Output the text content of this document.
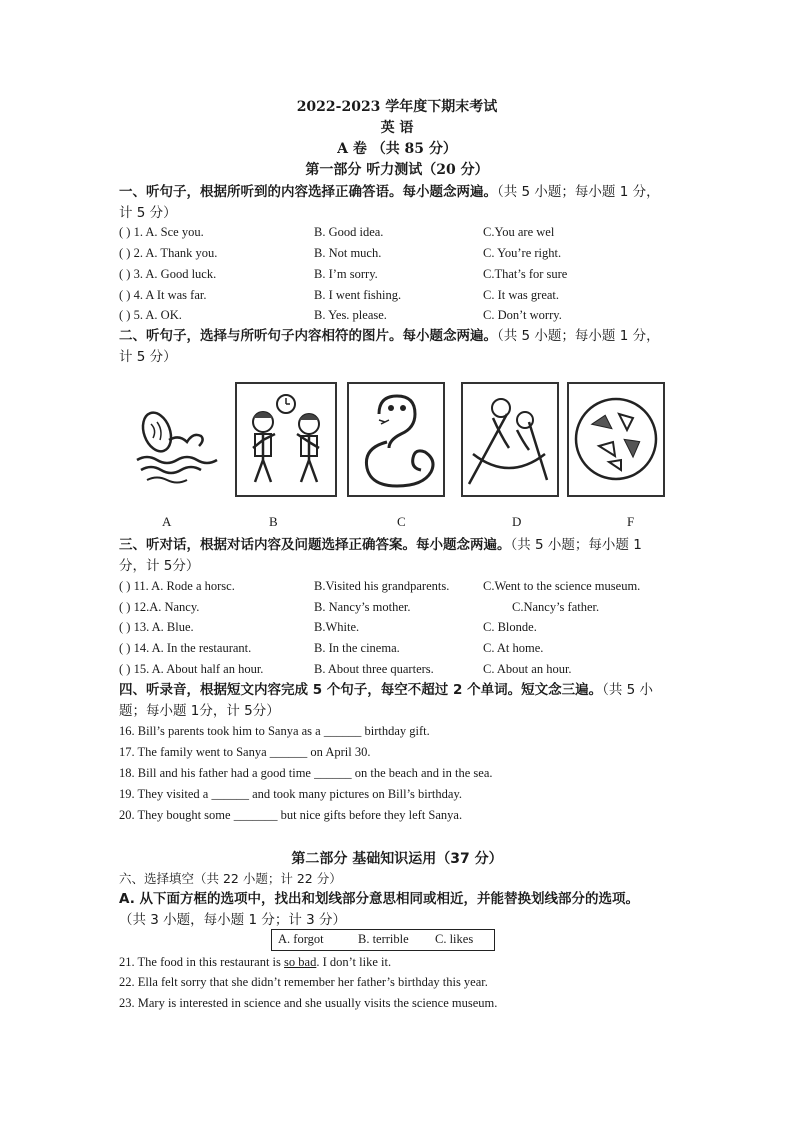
2022-2023 学年度下期末考试
英 语
A 卷 （共 85 分）
第一部分 听力测试（20 分）
一、听句子，根据所听到的内容选择正确答语。每小题念两遍。（共 5 小题；每小题 1 分，
计 5 分）
( ) 1. A. Sce you.	B. Good idea.	C.You are wel
( ) 2. A. Thank you.	B. Not much.	C. You’re right.
( ) 3. A. Good luck.	B. I’m sorry.	C.That’s for sure
( ) 4. A It was far.	B. I went fishing.	C. It was great.
( ) 5. A. OK.	B. Yes. please.	C. Don’t worry.
二、听句子，选择与所听句子内容相符的图片。每小题念两遍。（共 5 小题；每小题 1 分，
计 5 分）
A	B	C	D	F
三、听对话，根据对话内容及问题选择正确答案。每小题念两遍。（共 5 小题；每小题 1
分，计 5分）
( ) 11. A. Rode a horsc.	B.Visited his grandparents.	C.Went to the science museum.
( ) 12.A. Nancy.	B. Nancy’s mother.	C.Nancy’s father.
( ) 13. A. Blue.	B.White.	C. Blonde.
( ) 14. A. In the restaurant.	B. In the cinema.	C. At home.
( ) 15. A. About half an hour.	B. About three quarters.	C. About an hour.
四、听录音，根据短文内容完成 5 个句子，每空不超过 2 个单词。短文念三遍。（共 5 小
题；每小题 1分，计 5分）
16. Bill’s parents took him to Sanya as a ______ birthday gift.
17. The family went to Sanya ______ on April 30.
18. Bill and his father had a good time ______ on the beach and in the sea.
19. They visited a ______ and took many pictures on Bill’s birthday.
20. They bought some _______ but nice gifts before they left Sanya.
第二部分 基础知识运用（37 分）
六、选择填空（共 22 小题；计 22 分）
A. 从下面方框的选项中，找出和划线部分意思相同或相近，并能替换划线部分的选项。
（共 3 小题，每小题 1 分；计 3 分）
A. forgot	B. terrible C. likes
21. The food in this restaurant is so bad. I don’t like it.
22. Ella felt sorry that she didn’t remember her father’s birthday this year.
23. Mary is interested in science and she usually visits the science museum.
